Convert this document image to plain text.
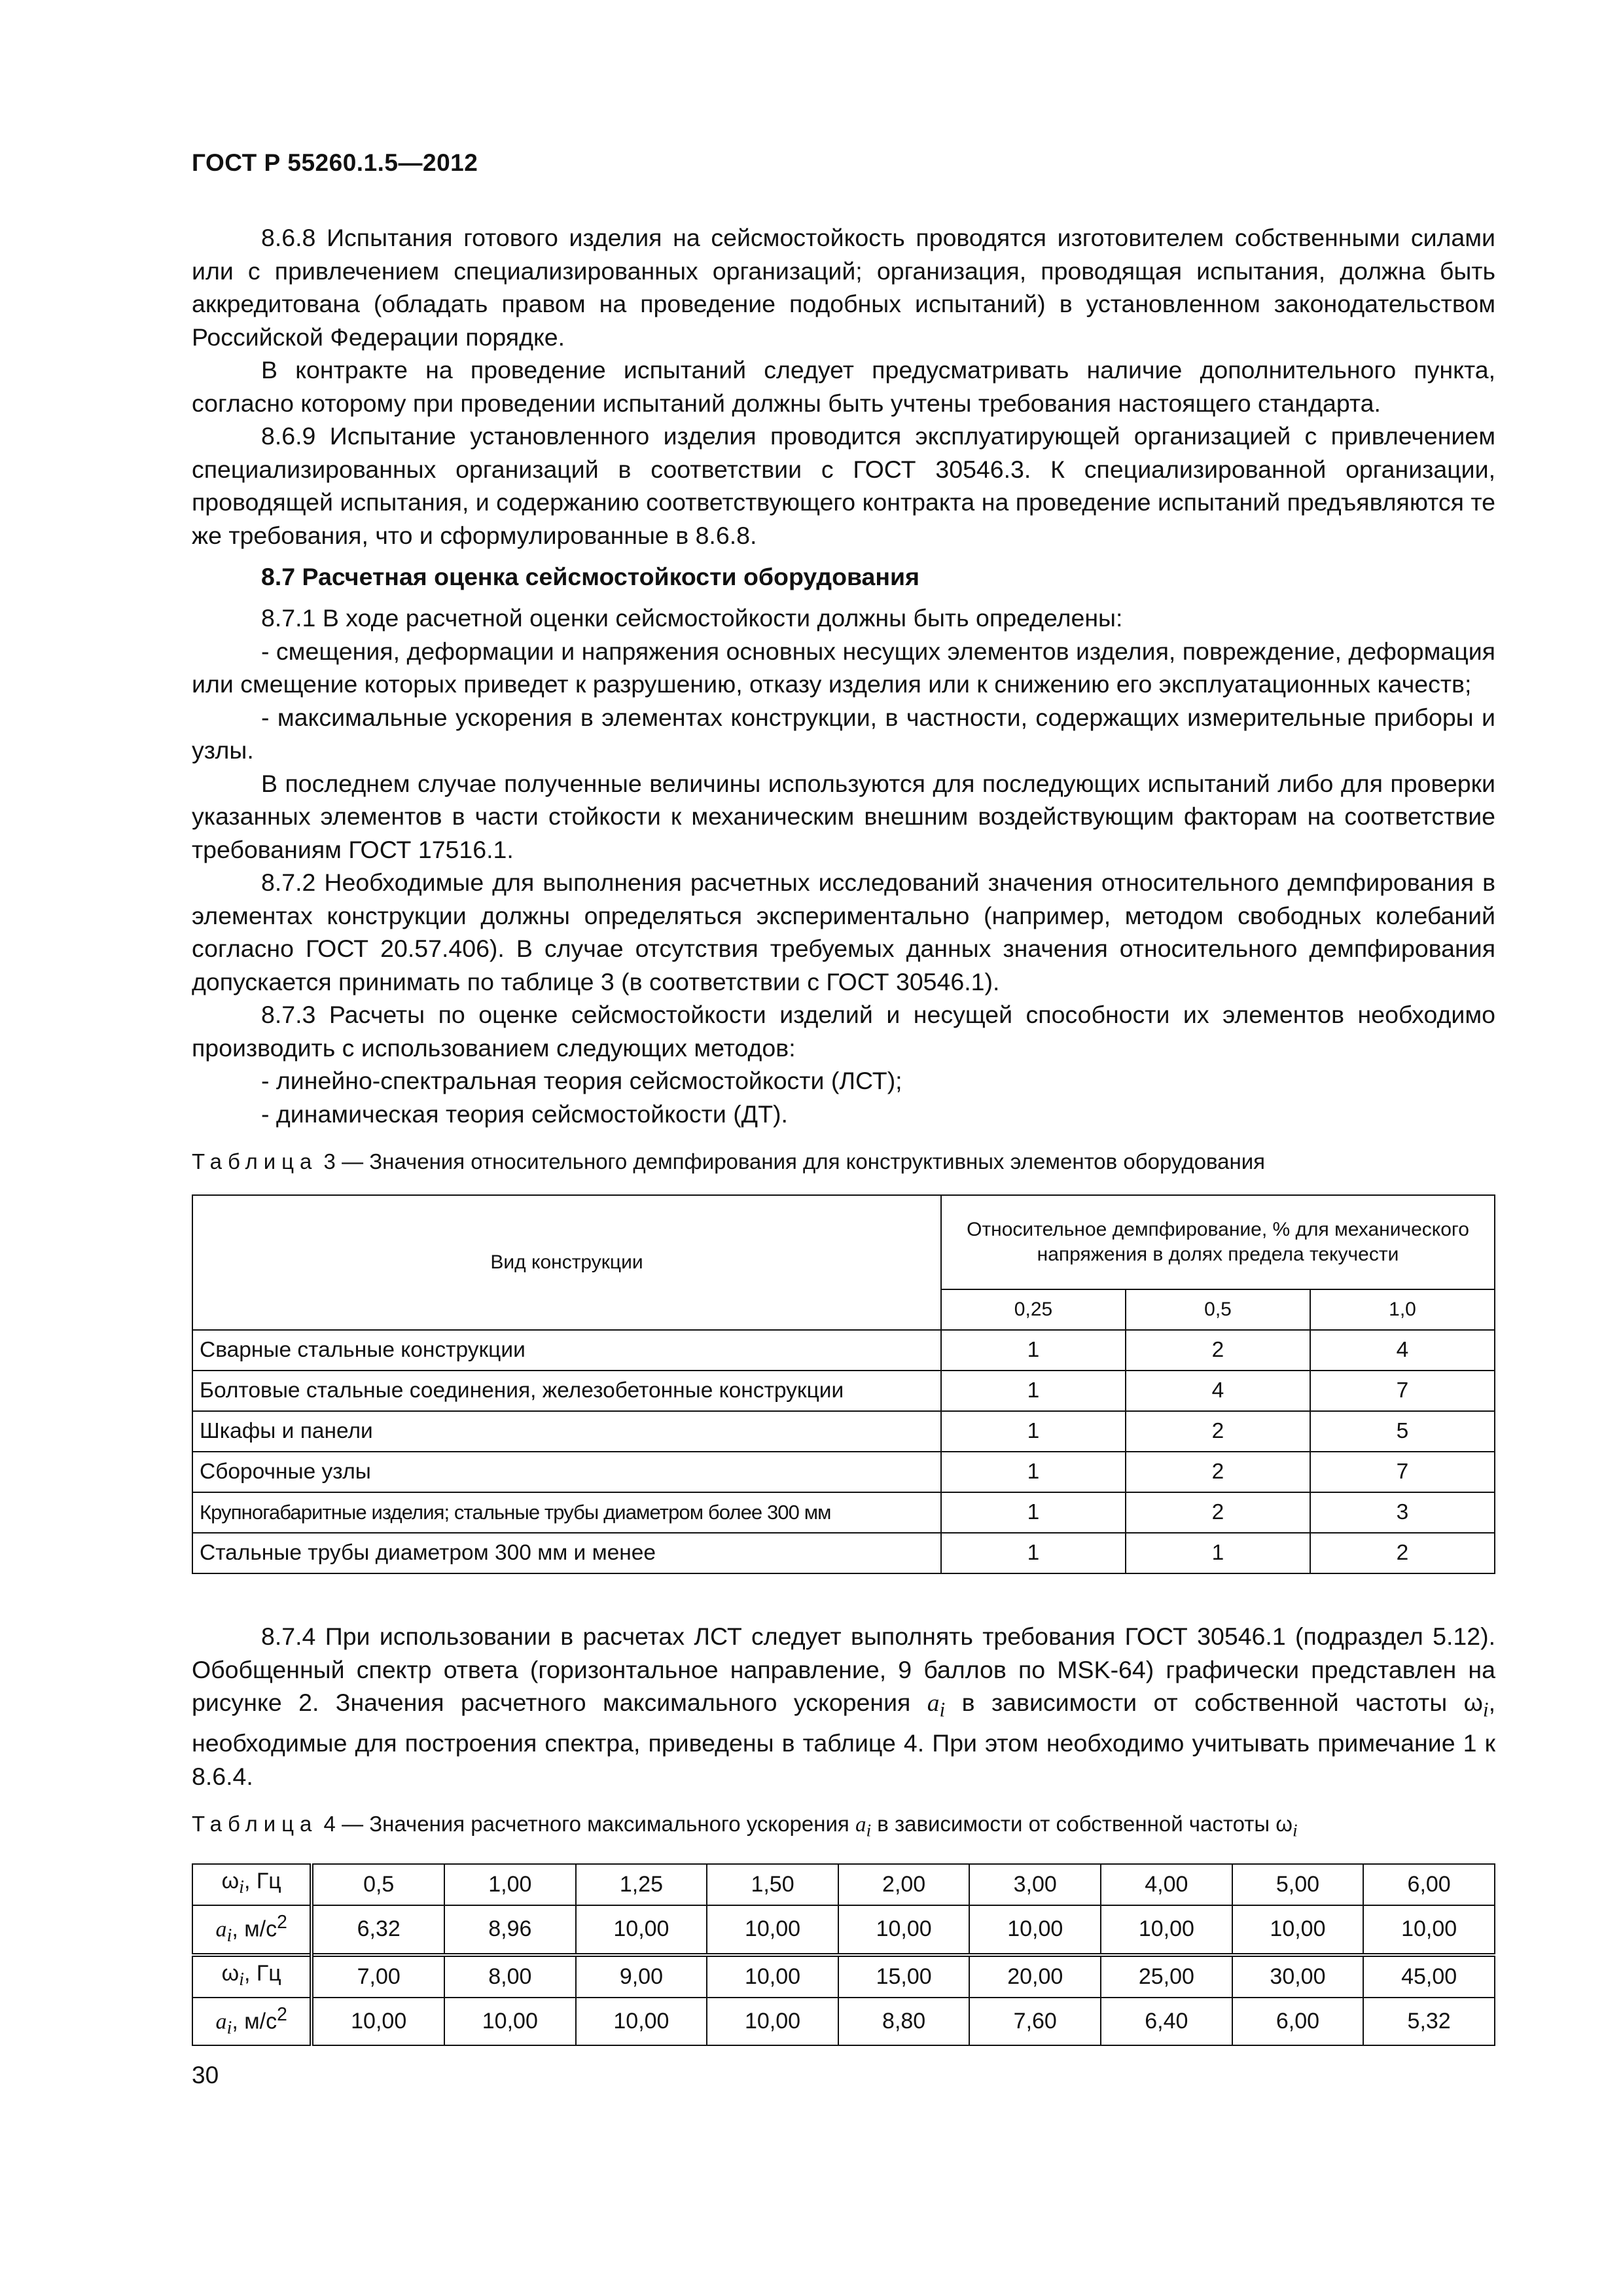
ГОСТ Р 55260.1.5—2012

8.6.8 Испытания готового изделия на сейсмостойкость проводятся изготовителем собственными силами или с привлечением специализированных организаций; организация, проводящая испытания, должна быть аккредитована (обладать правом на проведение подобных испытаний) в установленном законодательством Российской Федерации порядке.

В контракте на проведение испытаний следует предусматривать наличие дополнительного пункта, согласно которому при проведении испытаний должны быть учтены требования настоящего стандарта.

8.6.9 Испытание установленного изделия проводится эксплуатирующей организацией с привлечением специализированных организаций в соответствии с ГОСТ 30546.3. К специализированной организации, проводящей испытания, и содержанию соответствующего контракта на проведение испытаний предъявляются те же требования, что и сформулированные в 8.6.8.

8.7 Расчетная оценка сейсмостойкости оборудования

8.7.1 В ходе расчетной оценки сейсмостойкости должны быть определены:

- смещения, деформации и напряжения основных несущих элементов изделия, повреждение, деформация или смещение которых приведет к разрушению, отказу изделия или к снижению его эксплуатационных качеств;

- максимальные ускорения в элементах конструкции, в частности, содержащих измерительные приборы и узлы.

В последнем случае полученные величины используются для последующих испытаний либо для проверки указанных элементов в части стойкости к механическим внешним воздействующим факторам на соответствие требованиям ГОСТ 17516.1.

8.7.2 Необходимые для выполнения расчетных исследований значения относительного демпфирования в элементах конструкции должны определяться экспериментально (например, методом свободных колебаний согласно ГОСТ 20.57.406). В случае отсутствия требуемых данных значения относительного демпфирования допускается принимать по таблице 3 (в соответствии с ГОСТ 30546.1).

8.7.3 Расчеты по оценке сейсмостойкости изделий и несущей способности их элементов необходимо производить с использованием следующих методов:

- линейно-спектральная теория сейсмостойкости (ЛСТ);

- динамическая теория сейсмостойкости (ДТ).

Таблица 3 — Значения относительного демпфирования для конструктивных элементов оборудования
Вид конструкции	Относительное демпфирование, % для механического напряжения в долях предела текучести		
	0,25	0,5	1,0
Сварные стальные конструкции	1	2	4
Болтовые стальные соединения, железобетонные конструкции	1	4	7
Шкафы и панели	1	2	5
Сборочные узлы	1	2	7
Крупногабаритные изделия; стальные трубы диаметром более 300 мм	1	2	3
Стальные трубы диаметром 300 мм и менее	1	1	2

8.7.4 При использовании в расчетах ЛСТ следует выполнять требования ГОСТ 30546.1 (подраздел 5.12). Обобщенный спектр ответа (горизонтальное направление, 9 баллов по MSK-64) графически представлен на рисунке 2. Значения расчетного максимального ускорения $a_i$ в зависимости от собственной частоты $\omega_i$, необходимые для построения спектра, приведены в таблице 4. При этом необходимо учитывать примечание 1 к 8.6.4.

Таблица 4 — Значения расчетного максимального ускорения $a_i$ в зависимости от собственной частоты $\omega_i$
$\omega_i$, Гц	0,5	1,00	1,25	1,50	2,00	3,00	4,00	5,00	6,00
$a_i$, $м/с^2$	6,32	8,96	10,00	10,00	10,00	10,00	10,00	10,00	10,00
$\omega_i$, Гц	7,00	8,00	9,00	10,00	15,00	20,00	25,00	30,00	45,00
$a_i$, $м/с^2$	10,00	10,00	10,00	10,00	8,80	7,60	6,40	6,00	5,32
30
